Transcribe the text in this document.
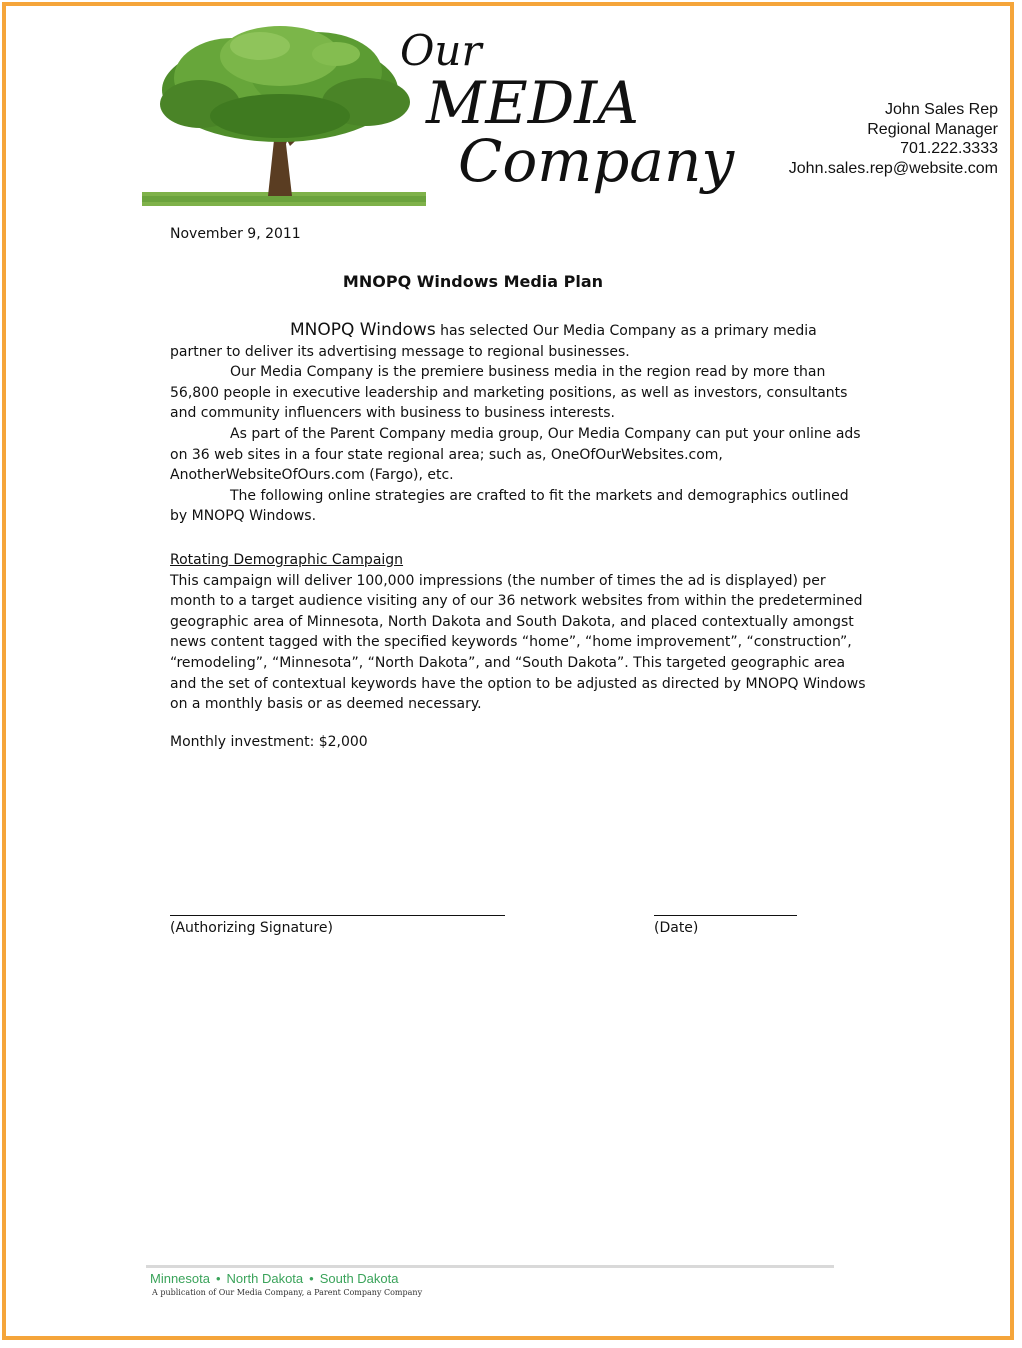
Our
MEDIA
Company
John Sales Rep
Regional Manager
701.222.3333
John.sales.rep@website.com
November 9, 2011
MNOPQ Windows Media Plan

MNOPQ Windows has selected Our Media Company as a primary media partner to deliver its advertising message to regional businesses.

Our Media Company is the premiere business media in the region read by more than 56,800 people in executive leadership and marketing positions, as well as investors, consultants and community influencers with business to business interests.

As part of the Parent Company media group, Our Media Company can put your online ads on 36 web sites in a four state regional area; such as, OneOfOurWebsites.com, AnotherWebsiteOfOurs.com (Fargo), etc.

The following online strategies are crafted to fit the markets and demographics outlined by MNOPQ Windows.

Rotating Demographic Campaign

This campaign will deliver 100,000 impressions (the number of times the ad is displayed) per month to a target audience visiting any of our 36 network websites from within the predetermined geographic area of Minnesota, North Dakota and South Dakota, and placed contextually amongst news content tagged with the specified keywords “home”, “home improvement”, “construction”, “remodeling”, “Minnesota”, “North Dakota”, and “South Dakota”. This targeted geographic area and the set of contextual keywords have the option to be adjusted as directed by MNOPQ Windows on a monthly basis or as deemed necessary.

Monthly investment: $2,000
(Authorizing Signature)	(Date)
Minnesota • North Dakota • South Dakota
A publication of Our Media Company, a Parent Company Company
